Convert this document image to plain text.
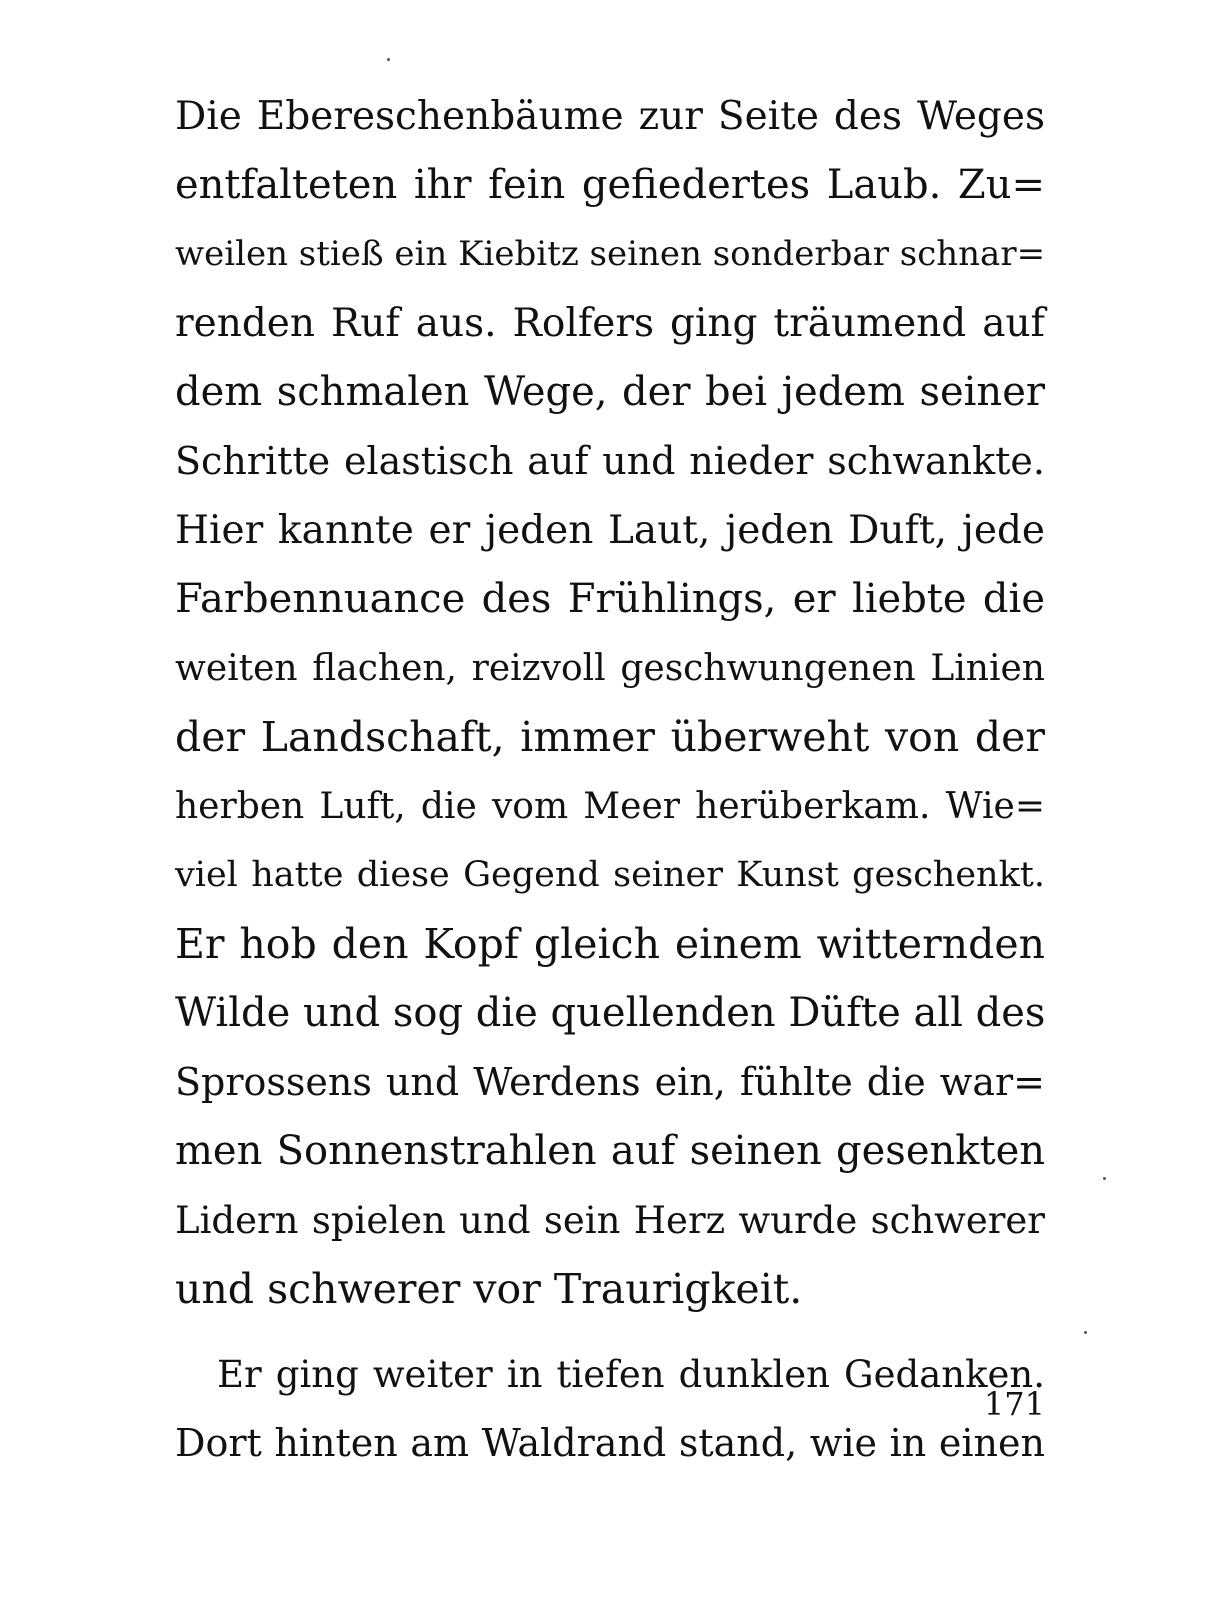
Die Ebereschenbäume zur Seite des Weges
entfalteten ihr fein gefiedertes Laub. Zu=
weilen stieß ein Kiebitz seinen sonderbar schnar=
renden Ruf aus. Rolfers ging träumend auf
dem schmalen Wege, der bei jedem seiner
Schritte elastisch auf und nieder schwankte.
Hier kannte er jeden Laut, jeden Duft, jede
Farbennuance des Frühlings, er liebte die
weiten flachen, reizvoll geschwungenen Linien
der Landschaft, immer überweht von der
herben Luft, die vom Meer herüberkam. Wie=
viel hatte diese Gegend seiner Kunst geschenkt.
Er hob den Kopf gleich einem witternden
Wilde und sog die quellenden Düfte all des
Sprossens und Werdens ein, fühlte die war=
men Sonnenstrahlen auf seinen gesenkten
Lidern spielen und sein Herz wurde schwerer
und schwerer vor Traurigkeit.
Er ging weiter in tiefen dunklen Gedanken.
Dort hinten am Waldrand stand, wie in einen
171
